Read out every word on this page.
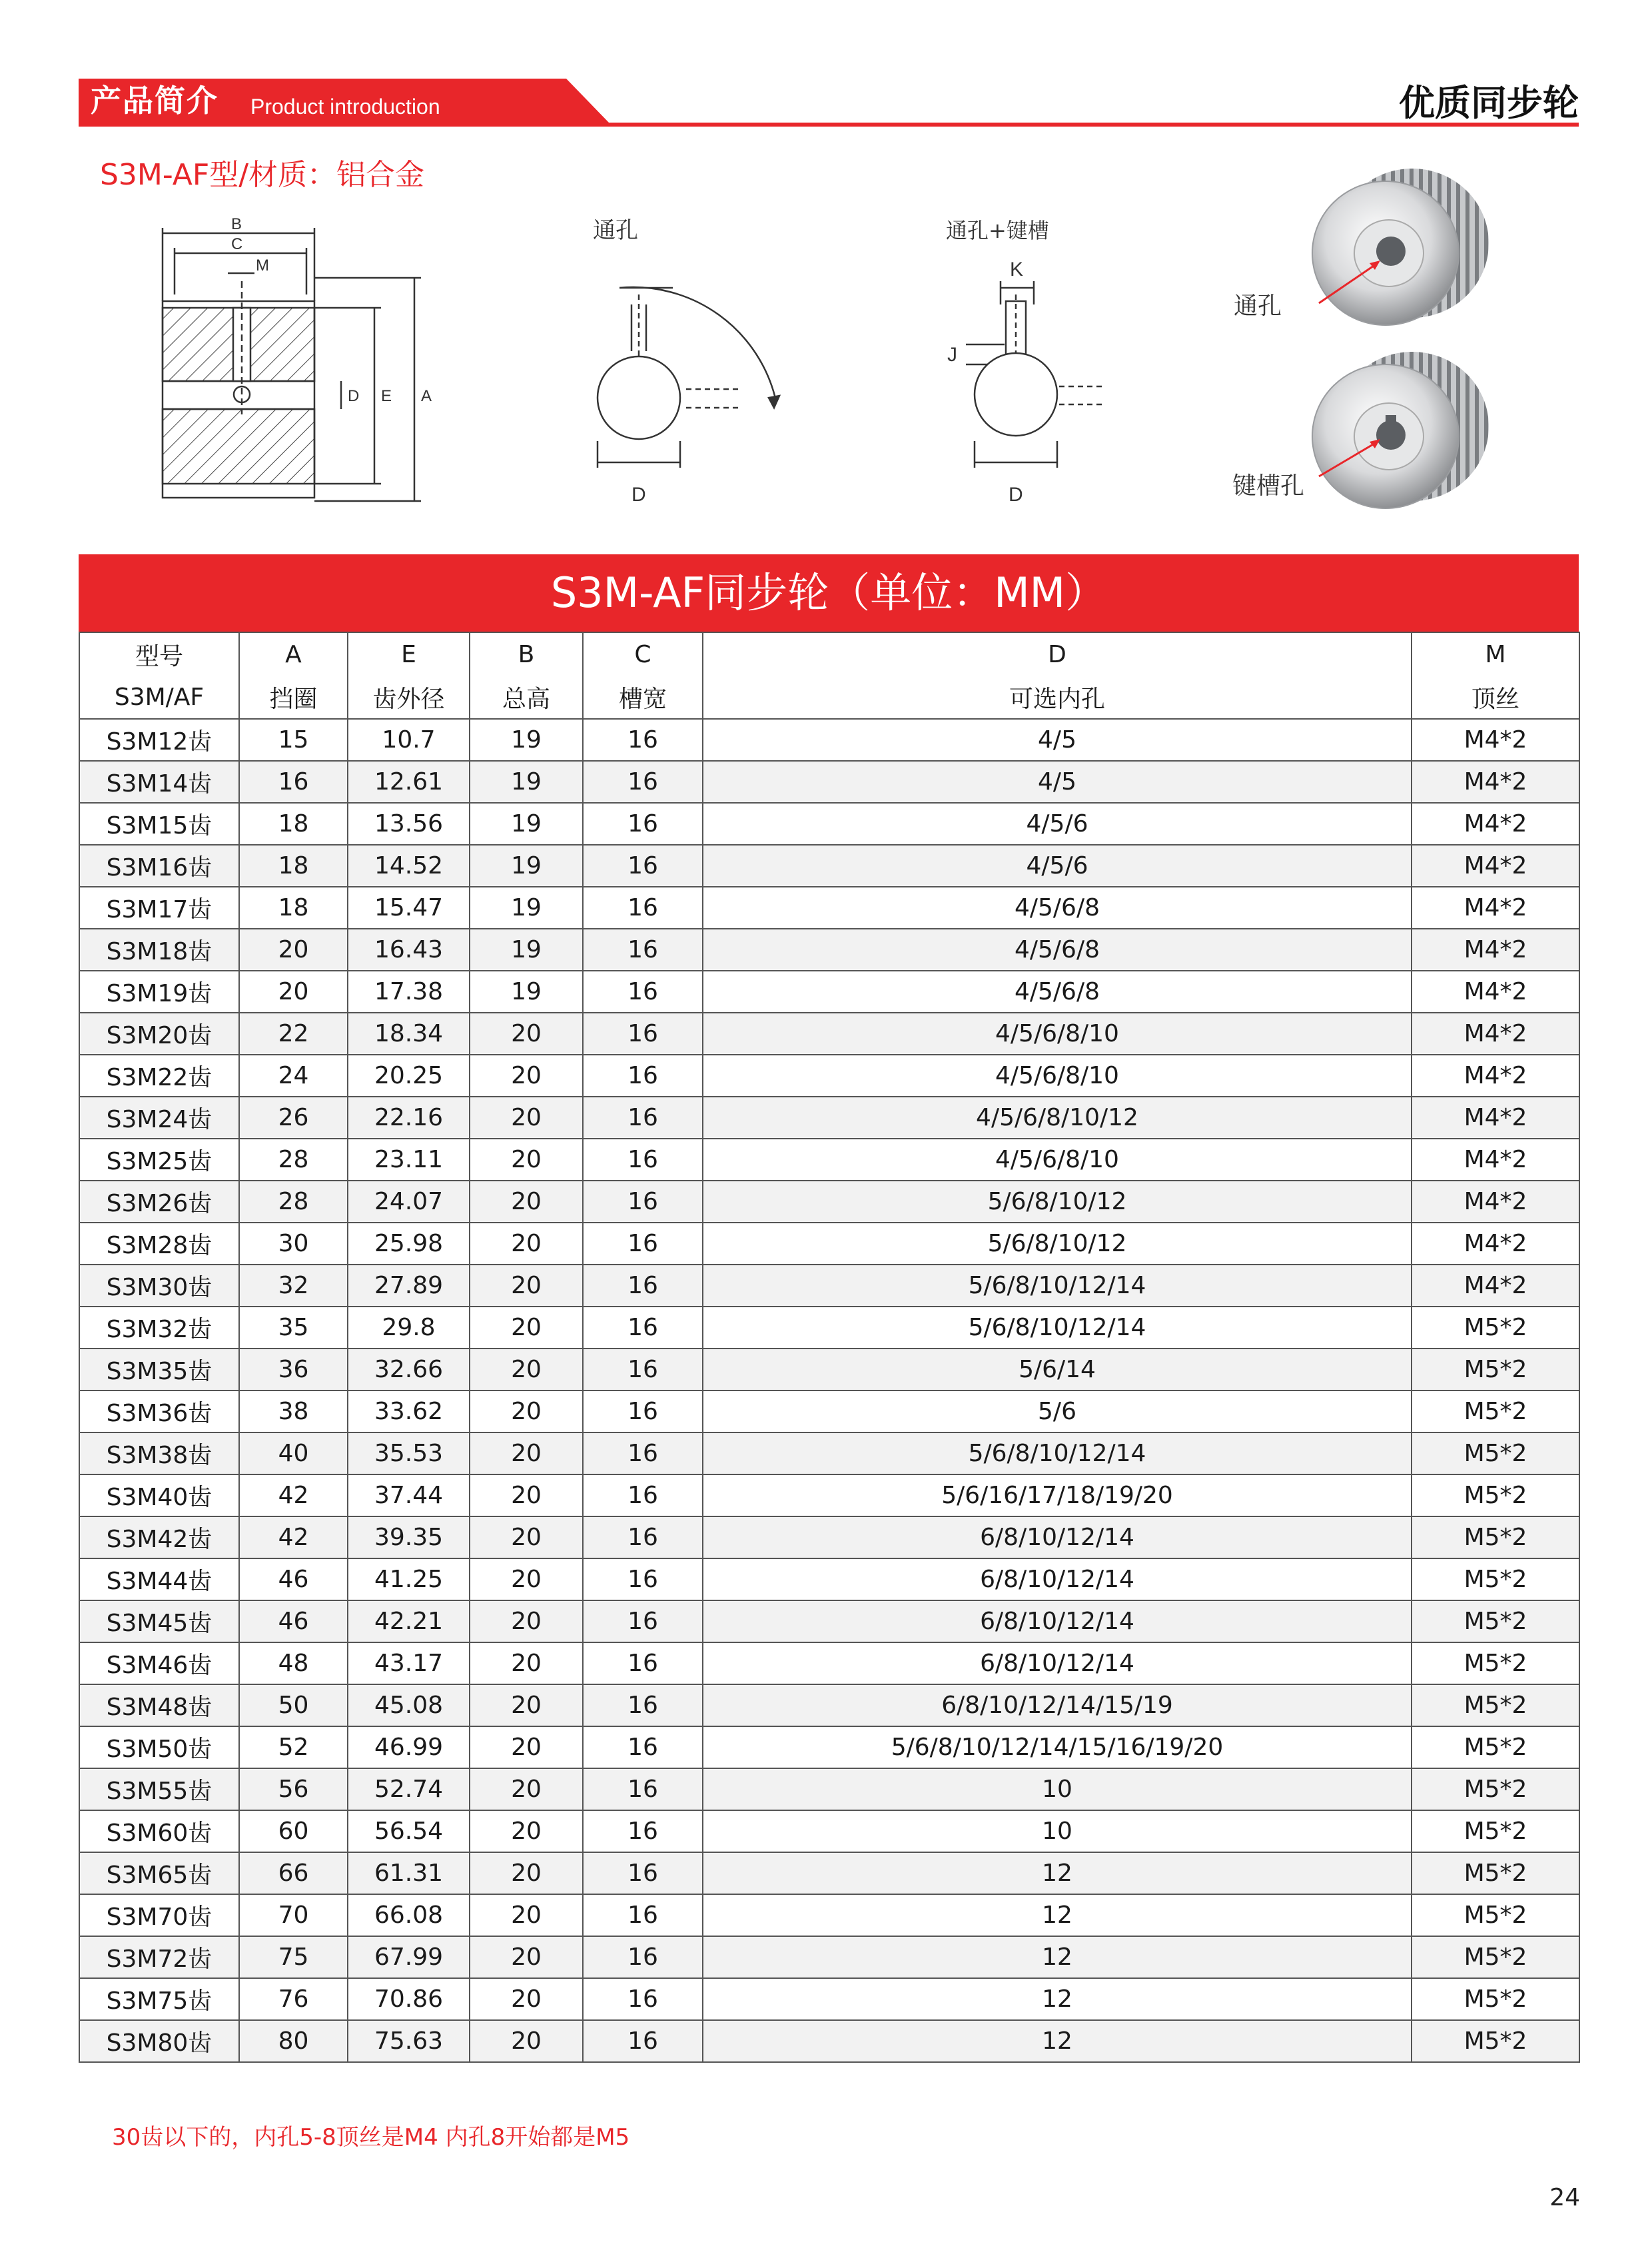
产品简介 Product introduction	优质同步轮
S3M-AF型/材质：铝合金
B
C
M
D E A
通孔
D
通孔+键槽
K
J
D
通孔
键槽孔
S3M-AF同步轮（单位：MM）
型号	A	E	B	C	D	M
S3M/AF	挡圈	齿外径	总高	槽宽	可选内孔	顶丝
S3M12齿	15	10.7	19	16	4/5	M4*2
S3M14齿	16	12.61	19	16	4/5	M4*2
S3M15齿	18	13.56	19	16	4/5/6	M4*2
S3M16齿	18	14.52	19	16	4/5/6	M4*2
S3M17齿	18	15.47	19	16	4/5/6/8	M4*2
S3M18齿	20	16.43	19	16	4/5/6/8	M4*2
S3M19齿	20	17.38	19	16	4/5/6/8	M4*2
S3M20齿	22	18.34	20	16	4/5/6/8/10	M4*2
S3M22齿	24	20.25	20	16	4/5/6/8/10	M4*2
S3M24齿	26	22.16	20	16	4/5/6/8/10/12	M4*2
S3M25齿	28	23.11	20	16	4/5/6/8/10	M4*2
S3M26齿	28	24.07	20	16	5/6/8/10/12	M4*2
S3M28齿	30	25.98	20	16	5/6/8/10/12	M4*2
S3M30齿	32	27.89	20	16	5/6/8/10/12/14	M4*2
S3M32齿	35	29.8	20	16	5/6/8/10/12/14	M5*2
S3M35齿	36	32.66	20	16	5/6/14	M5*2
S3M36齿	38	33.62	20	16	5/6	M5*2
S3M38齿	40	35.53	20	16	5/6/8/10/12/14	M5*2
S3M40齿	42	37.44	20	16	5/6/16/17/18/19/20	M5*2
S3M42齿	42	39.35	20	16	6/8/10/12/14	M5*2
S3M44齿	46	41.25	20	16	6/8/10/12/14	M5*2
S3M45齿	46	42.21	20	16	6/8/10/12/14	M5*2
S3M46齿	48	43.17	20	16	6/8/10/12/14	M5*2
S3M48齿	50	45.08	20	16	6/8/10/12/14/15/19	M5*2
S3M50齿	52	46.99	20	16	5/6/8/10/12/14/15/16/19/20	M5*2
S3M55齿	56	52.74	20	16	10	M5*2
S3M60齿	60	56.54	20	16	10	M5*2
S3M65齿	66	61.31	20	16	12	M5*2
S3M70齿	70	66.08	20	16	12	M5*2
S3M72齿	75	67.99	20	16	12	M5*2
S3M75齿	76	70.86	20	16	12	M5*2
S3M80齿	80	75.63	20	16	12	M5*2
30齿以下的，内孔5-8顶丝是M4 内孔8开始都是M5
24
